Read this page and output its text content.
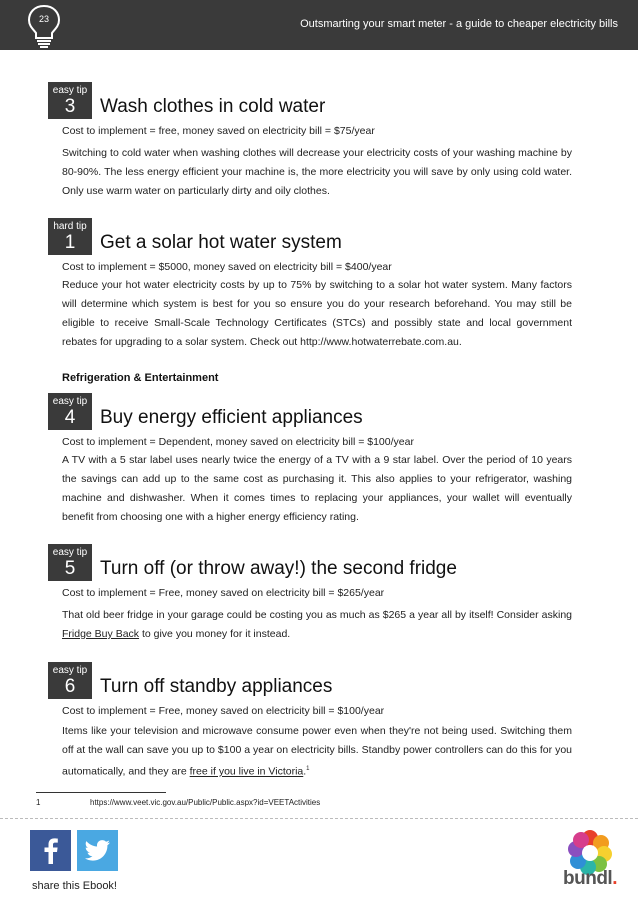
23	Outsmarting your smart meter - a guide to cheaper electricity bills
easy tip
3	Wash clothes in cold water
Cost to implement = free, money saved on electricity bill = $75/year
Switching to cold water when washing clothes will decrease your electricity costs of your washing machine by 80-90%. The less energy efficient your machine is, the more electricity you will save by only using cold water. Only use warm water on particularly dirty and oily clothes.
hard tip
1	Get a solar hot water system
Cost to implement = $5000, money saved on electricity bill = $400/year
Reduce your hot water electricity costs by up to 75% by switching to a solar hot water system. Many factors will determine which system is best for you so ensure you do your research beforehand. You may still be eligible to receive Small-Scale Technology Certificates (STCs) and possibly state and local government rebates for upgrading to a solar system. Check out http://www.hotwaterrebate.com.au.
Refrigeration & Entertainment
easy tip
4	Buy energy efficient appliances
Cost to implement = Dependent, money saved on electricity bill = $100/year
A TV with a 5 star label uses nearly twice the energy of a TV with a 9 star label. Over the period of 10 years the savings can add up to the same cost as purchasing it. This also applies to your refrigerator, washing machine and dishwasher. When it comes times to replacing your appliances, your wallet will eventually benefit from choosing one with a higher energy efficiency rating.
easy tip
5	Turn off (or throw away!) the second fridge
Cost to implement = Free, money saved on electricity bill = $265/year
That old beer fridge in your garage could be costing you as much as $265 a year all by itself! Consider asking Fridge Buy Back to give you money for it instead.
easy tip
6	Turn off standby appliances
Cost to implement = Free, money saved on electricity bill = $100/year
Items like your television and microwave consume power even when they're not being used. Switching them off at the wall can save you up to $100 a year on electricity bills. Standby power controllers can do this for you automatically, and they are free if you live in Victoria.$^1$
1	https://www.veet.vic.gov.au/Public/Public.aspx?id=VEETActivities
share this Ebook!	bundl.
